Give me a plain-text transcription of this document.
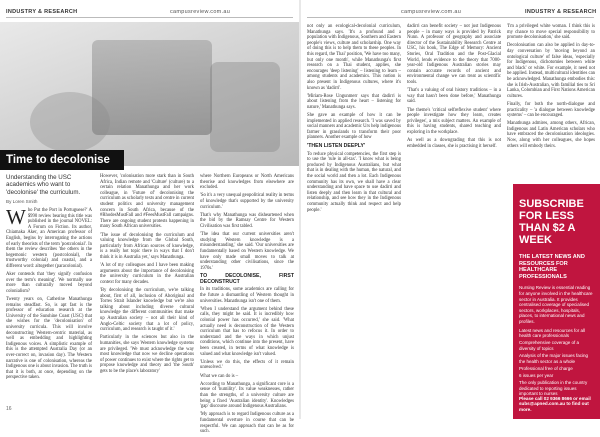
INDUSTRY & RESEARCH	campusreview.com.au
Time to decolonise
Understanding the USC academics who want to 'decolonise' the curriculum.
By Loren Smith

Who Put the Port in Portuguese?' A $990 review bearing this title was published in the journal NOVEL: A Forum on Fiction. Its author, Chiamaka Aker, an American professor of English, begins by interrogating the actions of early theorists of the term 'postcolonial'. In them the review describes 'the others in the hegemonic western (postcolonial), the trustworthy colonial) and coastal, and a different word: altogether (paracolonial).

Aker contends that 'they signify confusion over the term's meaning'. We normally use more than culturally moved beyond colonialism?

Twenty years on, Catherine Manathunga remains steadfast. So, is apt fast is the professor of education research at the University of the Sunshine Coast (USC) that she wishes for the 'decolonisation' of university curricula. This will involve deconstructing Western-centric material, as well as embedding and highlighting Indigenous voices. A simplistic example of this is the attempted Australia Day (or an over-correct on, invasion day). The Western narrative is one of colonisation, whereas the Indigenous one is about invasion. The truth is that it is both, at once, depending on the perspective taken.

However, 'colonisation more stark than in South Africa, Indian remote and 'Culture' (culture) to a certain relation Manathunga and her work colleague, in 'Future of' decolonising the curriculum as scholarly texts and centre in current student politics and university management concern in South Africa, because of the #RhodesMustFall and #FeesMustFall campaigns. There are ongoing student protests happening in many South African universities.

'The issue of decolonising the curriculum and valuing knowledge from the Global South, particularly from African sources of knowledge, is a really hot topic there in ways that I don't think it is in Australia yet,' says Manathunga.

'A lot of my colleagues and I have been making arguments about the importance of decolonising the university curriculum in the Australian context for many decades.

'By decolonising the curriculum, we're talking about, first of all, inclusion of Aboriginal and Torres Strait Islander knowledge but we're also talking about including diverse cultural knowledge the different communities that make up Australian society – not all their kind of Anglo-Celtic society that a lot of policy, curriculum, and research is taught of it.'

Particularly in the sciences but also in the humanities, she says Western knowledge systems are privileged. 'We must acknowledge the way most knowledge that now we decline operations of power continues to exist where the rights get to propose knowledge and theory and 'the South' gets to be the place's laboratory'

where Northern Europeans or North Americans theorise and knowledges from elsewhere are excluded.

'So it's a very unequal geopolitical reality in terms of knowledge that's supported by the university curriculum.'

That's why Manathunga was disheartened when the bid by the Ramsay Centre for Western Civilisation was first tabled.

'The idea that our current universities aren't studying Western knowledge is a misunderstanding,' she said. 'Our universities are fundamentally based on Western knowledge. We have only made small moves to talk at understanding other civilisations, since the 1970s.'

TO DECOLONISE, FIRST DECONSTRUCT

In its traditions, some academics are calling for the future a dismantling of Western thought in universities. Manathunga isn't one of them.

'When I understand the argument behind these calls, they might be said. It is incredibly how colonial power has occurred,' she said. 'What actually need is deconstruction of the Western curriculum that has to refocus it. In order to understand and the ways in which unjust conditions, which continue into the present, have been created, in terms of what knowledge is valued and what knowledge isn't valued.

'Unless we do this, the effects of it remain unresolved.'

What we can do is –

According to Manathunga, a significant core is a sense of 'humility'. Its value weaknesses, rather than the strengths, of a university culture are being a fixed 'Australian identity'. Knowledges 'gap' discourse around Indigenous Australians.

'My approach is to regard Indigenous culture as a fundamental overture in course that can be respectful. We can approach that can be as for such.

16
campusreview.com.au	INDUSTRY & RESEARCH

not only an ecological-decolonial curriculum, Manathunga says. 'It's a profound and a population with Indigenous, Southern and Eastern people's views, culture and scholarship. One way of doing this is to help them to these peoples. In this regard, the Thai' position, 'We have too many, but only one month', while Manathunga's first research on a Thai student, applies, she encourages 'deep listening' – listening to learn – among students and academics. This notion is also present in Indigenous cultures, where it's known as 'dadirri'.

'Miriam-Rose Ungunmerr says that dadirri is about listening from the heart – listening for nature,' Manathunga says.

She gave an example of how it can be implemented in applied research. 'I was saved by social manners and academic Urs help indigenous farmer in grasslands to transform their poor planners. Another example of how

'THEN LISTEN DEEPLY'

To reduce physical competencies, the first step is to use the 'rule in all-tax'. 'I know what is being produced by Indigenous Australians, but what that is in dealing with the human, the natural, and the social world and then a lot. Each Indigenous community has its own, we shall have a clear understanding and have space to use dadirri and listen deeply and then learn in that cultural and relationship, and see how they in the Indigenous community actually think and respect and help people.'

dadirri can benefit society – not just Indigenous people – in many ways is provided by Patrick Nunn. A professor of geography and associate director of the Sustainability Research Centre at USC, his book, The Edge of Memory: Ancient Stories, Oral Tradition and the Post-Glacial World, lends evidence to the theory that 7000-year-old Indigenous Australian stories may contain accurate records of ancient and environmental change we can treat as scientific tools.

'That's a valuing of oral history traditions – in a way that hasn't been done before,' Manathunga said.

The theme's 'critical selfreflexive student' where people investigate how they learn, creates privileges', a mix subject matters. An example of this is having students, shared teaching and exploring in the workplace.

As well as a downgrading that this is not embedded in classes, she is practising it herself.

'I'm a privileged white woman. I think this is my chance to move special responsibility to promote decolonisation,' she said.

Decolonisation can also be applied in day-to-day conversation by 'moving beyond an ontological culture' of false ideas, 'especially for Indigenous, dichotomies between white and black' or white. For example, it need not be applied. Instead, multicultural identities can be acknowledged. Manathunga embodies this: she is Irish-Australian, with familial ties to Sri Lanka, Colombian and First Nations American cultures.

Finally, for both the north-dialogue and practicality – 'a dialogue between knowledge systems' – can be encouraged.

Manathunga admires, among others, African, Indigenous and Latin American scholars who have embraced the decolonisation ideologies. Now, along with her colleagues, she hopes others will embody theirs.

SUBSCRIBE FOR LESS THAN $2 A WEEK
THE LATEST NEWS AND RESOURCES FOR HEALTHCARE PROFESSIONALS
Nursing Review is essential reading for anyone involved in the healthcare sector in Australia. It provides centralised coverage of specialised sectors, workplaces, hospitals, places, to international news and profiles.
Latest news and resources for all health care professionals
Comprehensive coverage of a diversity of topics
Analysis of the major issues facing the health sector as a whole
Professional free of charge
6 issues per year
The only publication in the country dedicated to reporting issues important to nurses
Please call 02 9366 8666 or email subs@apned.com.au to find out more.
